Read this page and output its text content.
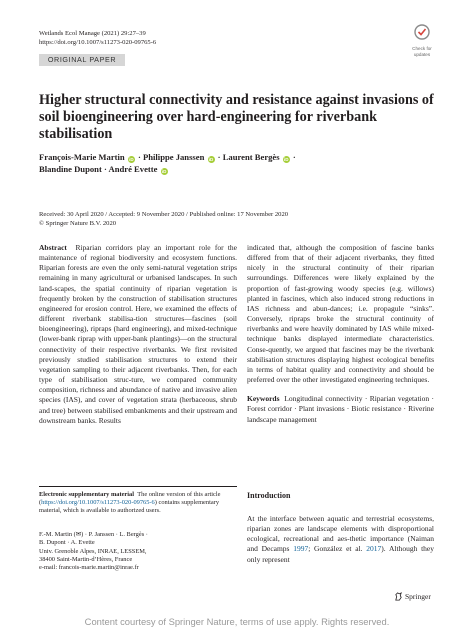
Wetlands Ecol Manage (2021) 29:27–39
https://doi.org/10.1007/s11273-020-09765-6
Check for
updates
ORIGINAL PAPER
Higher structural connectivity and resistance against invasions of soil bioengineering over hard-engineering for riverbank stabilisation
François-Marie Martin iD · Philippe Janssen iD · Laurent Bergès iD ·
Blandine Dupont · André Evette iD
Received: 30 April 2020 / Accepted: 9 November 2020 / Published online: 17 November 2020
© Springer Nature B.V. 2020

Abstract Riparian corridors play an important role for the maintenance of regional biodiversity and ecosystem functions. Riparian forests are even the only semi-natural vegetation strips remaining in many agricultural or urbanised landscapes. In such land-scapes, the spatial continuity of riparian vegetation is frequently broken by the construction of stabilisation structures engineered for erosion control. Here, we examined the effects of different riverbank stabilisa-tion structures—fascines (soil bioengineering), ripraps (hard engineering), and mixed-technique (lower-bank riprap with upper-bank plantings)—on the structural connectivity of their respective riverbanks. We first revisited previously studied stabilisation structures to extend their vegetation sampling to their adjacent riverbanks. Then, for each type of stabilisation struc-ture, we compared community composition, richness and abundance of native and invasive alien species (IAS), and cover of vegetation strata (herbaceous, shrub and tree) between stabilised embankments and their upstream and downstream banks. Results

indicated that, although the composition of fascine banks differed from that of their adjacent riverbanks, they fitted nicely in the structural continuity of their riparian surroundings. Differences were likely explained by the proportion of fast-growing woody species (e.g. willows) planted in fascines, which also induced strong reductions in IAS richness and abun-dances; i.e. propagule “sinks”. Conversely, ripraps broke the structural continuity of riverbanks and were heavily dominated by IAS while mixed-technique banks displayed intermediate characteristics. Conse-quently, we argued that fascines may be the riverbank stabilisation structures displaying highest ecological benefits in terms of habitat quality and connectivity and should be preferred over the other investigated engineering techniques.

Keywords Longitudinal connectivity · Riparian vegetation · Forest corridor · Plant invasions · Biotic resistance · Riverine landscape management

Electronic supplementary material The online version of this article (https://doi.org/10.1007/s11273-020-09765-6) contains supplementary material, which is available to authorized users.

F.-M. Martin (✉) · P. Janssen · L. Bergès ·

B. Dupont · A. Evette

Univ. Grenoble Alpes, INRAE, LESSEM,

38400 Saint-Martin-d’Hères, France

e-mail: francois-marie.martin@inrae.fr

Introduction

At the interface between aquatic and terrestrial ecosystems, riparian zones are landscape elements with disproportional ecological, recreational and aes-thetic importance (Naiman and Decamps 1997; González et al. 2017). Although they only represent

Springer
Content courtesy of Springer Nature, terms of use apply. Rights reserved.
